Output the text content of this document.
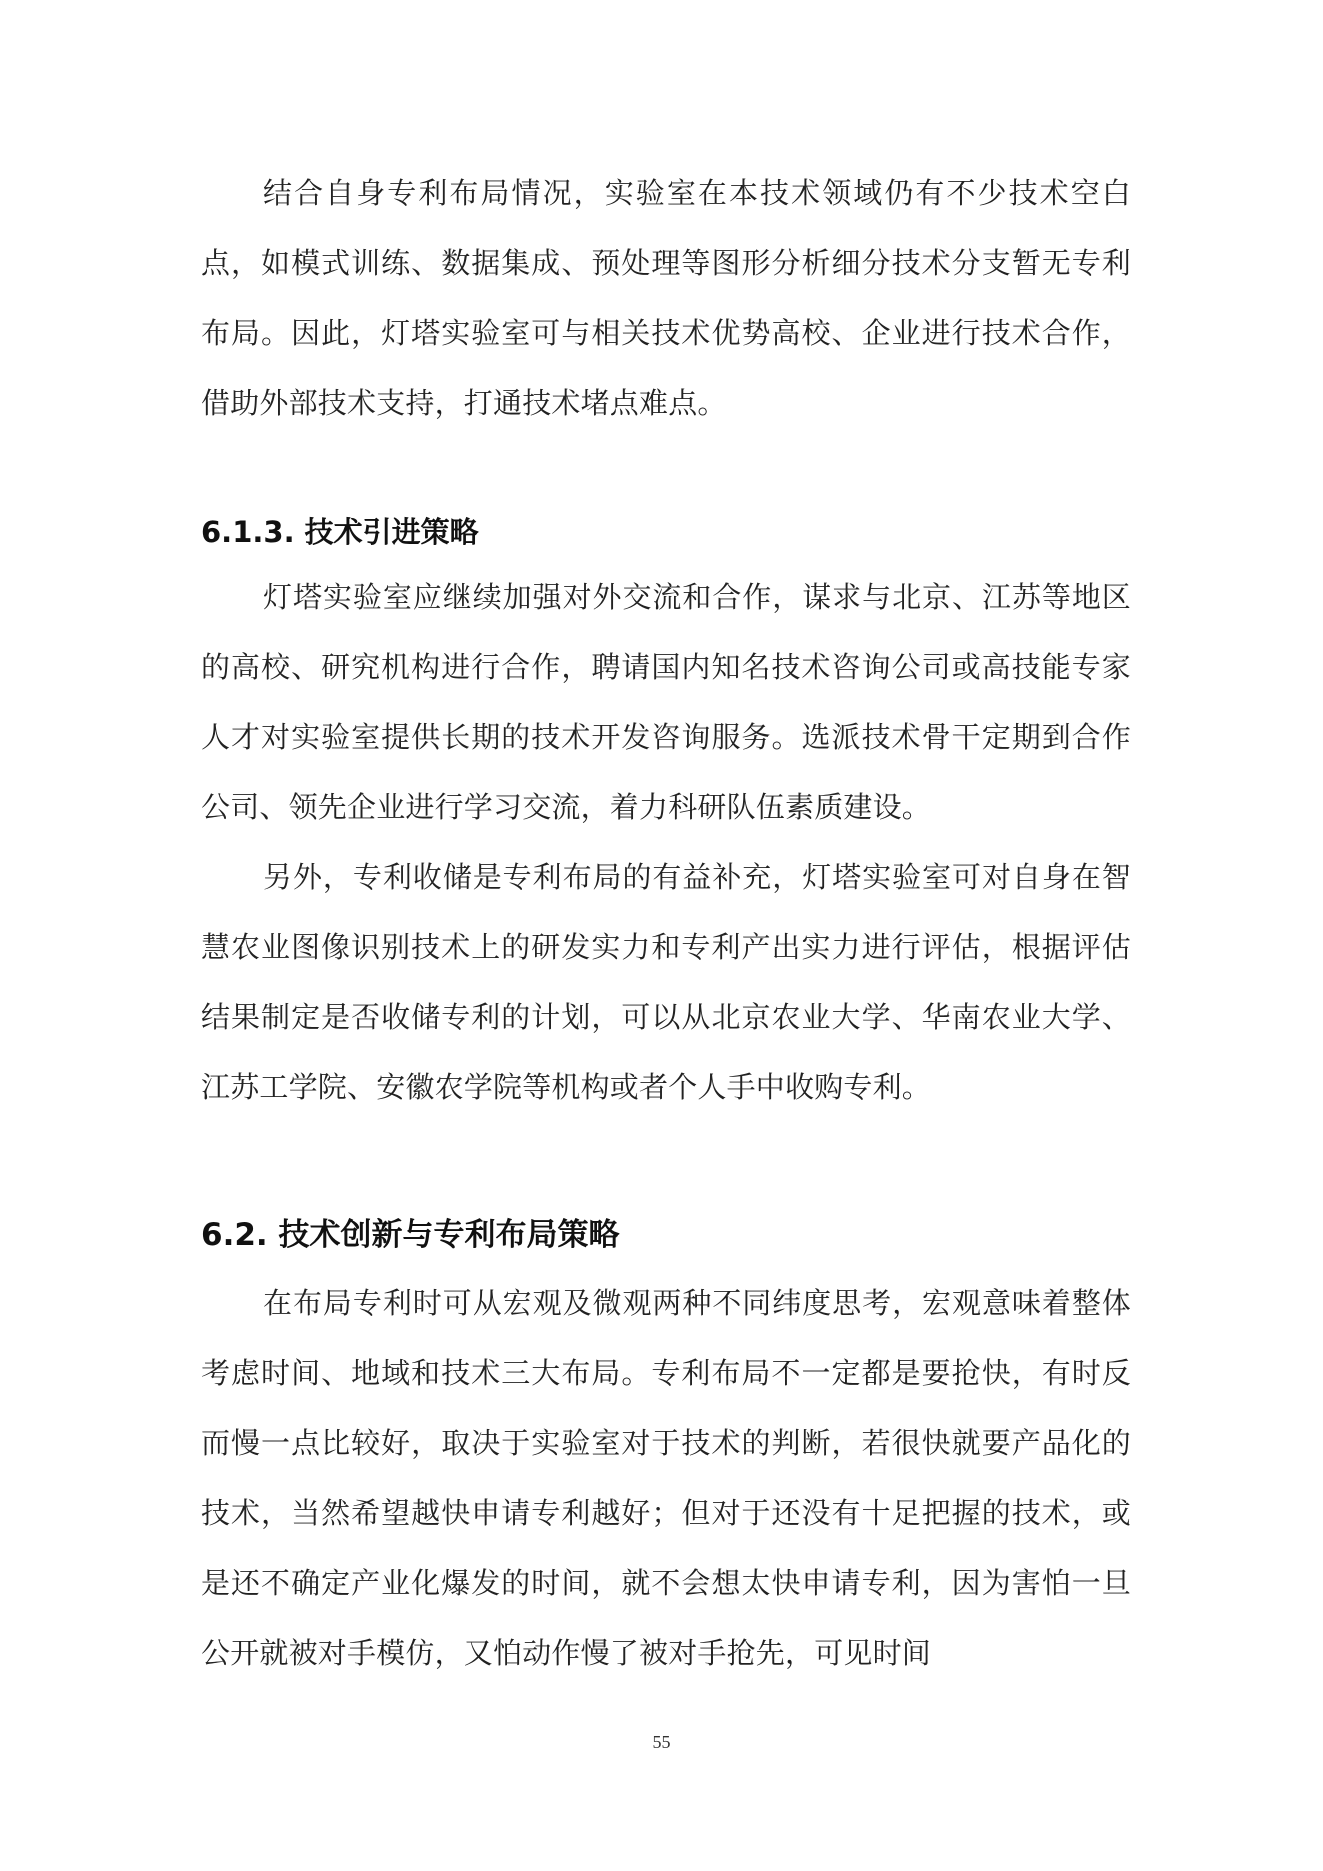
结合自身专利布局情况，实验室在本技术领域仍有不少技术空白点，如模式训练、数据集成、预处理等图形分析细分技术分支暂无专利布局。因此，灯塔实验室可与相关技术优势高校、企业进行技术合作，借助外部技术支持，打通技术堵点难点。

6.1.3. 技术引进策略

灯塔实验室应继续加强对外交流和合作，谋求与北京、江苏等地区的高校、研究机构进行合作，聘请国内知名技术咨询公司或高技能专家人才对实验室提供长期的技术开发咨询服务。选派技术骨干定期到合作公司、领先企业进行学习交流，着力科研队伍素质建设。

另外，专利收储是专利布局的有益补充，灯塔实验室可对自身在智慧农业图像识别技术上的研发实力和专利产出实力进行评估，根据评估结果制定是否收储专利的计划，可以从北京农业大学、华南农业大学、江苏工学院、安徽农学院等机构或者个人手中收购专利。

6.2. 技术创新与专利布局策略

在布局专利时可从宏观及微观两种不同纬度思考，宏观意味着整体考虑时间、地域和技术三大布局。专利布局不一定都是要抢快，有时反而慢一点比较好，取决于实验室对于技术的判断，若很快就要产品化的技术，当然希望越快申请专利越好；但对于还没有十足把握的技术，或是还不确定产业化爆发的时间，就不会想太快申请专利，因为害怕一旦公开就被对手模仿，又怕动作慢了被对手抢先，可见时间

55
